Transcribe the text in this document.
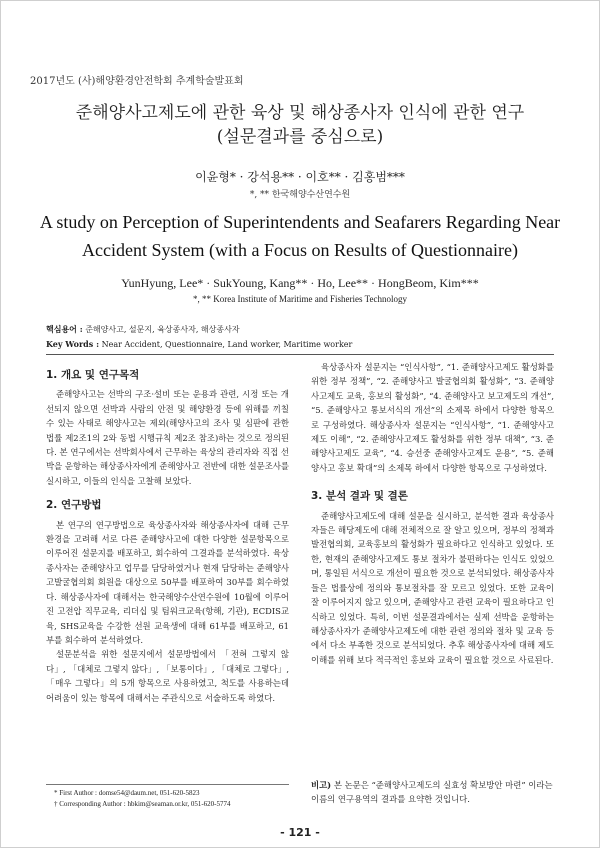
2017년도 (사)해양환경안전학회 추계학술발표회
준해양사고제도에 관한 육상 및 해상종사자 인식에 관한 연구
(설문결과를 중심으로)
이윤형* · 강석용** · 이호** · 김홍범***
*, ** 한국해양수산연수원
A study on Perception of Superintendents and Seafarers Regarding Near
Accident System (with a Focus on Results of Questionnaire)
YunHyung, Lee* · SukYoung, Kang** · Ho, Lee** · HongBeom, Kim***
*, ** Korea Institute of Maritime and Fisheries Technology
핵심용어 : 준해양사고, 설문지, 육상종사자, 해상종사자
Key Words : Near Accident, Questionnaire, Land worker, Maritime worker
1. 개요 및 연구목적

준해양사고는 선박의 구조·설비 또는 운용과 관련, 시정 또는 개선되지 않으면 선박과 사람의 안전 및 해양환경 등에 위해를 끼칠 수 있는 사태로 해양사고는 제외(해양사고의 조사 및 심판에 관한 법률 제2조1의 2와 동법 시행규칙 제2조 참조)하는 것으로 정의된다. 본 연구에서는 선박회사에서 근무하는 육상의 관리자와 직접 선박을 운항하는 해상종사자에게 준해양사고 전반에 대한 설문조사를 실시하고, 이들의 인식을 고찰해 보았다.

2. 연구방법

본 연구의 연구방법으로 육상종사자와 해상종사자에 대해 근무환경을 고려해 서로 다른 준해양사고에 대한 다양한 설문항목으로 이루어진 설문지를 배포하고, 회수하여 그결과를 분석하였다. 육상종사자는 준해양사고 업무를 담당하였거나 현재 담당하는 준해양사고발굴협의회 회원을 대상으로 50부를 배포하여 30부를 회수하였다. 해상종사자에 대해서는 한국해양수산연수원에 10월에 이루어진 고전압 직무교육, 리더십 및 팀워크교육(항해, 기관), ECDIS교육, SHS교육을 수강한 선원 교육생에 대해 61부를 배포하고, 61부를 회수하여 분석하였다.

설문분석을 위한 설문지에서 설문방법에서 「전혀 그렇지 않다」, 「대체로 그렇지 않다」, 「보통이다」, 「대체로 그렇다」, 「매우 그렇다」의 5개 항목으로 사용하였고, 척도를 사용하는데 어려움이 있는 항목에 대해서는 주관식으로 서술하도록 하였다.

육상종사자 설문지는 “인식사항”, “1. 준해양사고제도 활성화를 위한 정부 정책”, “2. 준해양사고 발굴협의회 활성화”, “3. 준해양사고제도 교육, 홍보의 활성화”, “4. 준해양사고 보고제도의 개선”, “5. 준해양사고 통보서식의 개선”의 소제목 하에서 다양한 항목으로 구성하였다. 해상종사자 설문지는 “인식사항”, “1. 준해양사고제도 이해”, “2. 준해양사고제도 활성화를 위한 정부 대책”, “3. 준해양사고제도 교육”, “4. 승선중 준해양사고제도 운용”, “5. 준해양사고 홍보 확대”의 소제목 하에서 다양한 항목으로 구성하였다.

3. 분석 결과 및 결론

준해양사고제도에 대해 설문을 실시하고, 분석한 결과 육상종사자들은 해당제도에 대해 전체적으로 잘 알고 있으며, 정부의 정책과 발전협의회, 교육홍보의 활성화가 필요하다고 인식하고 있었다. 또한, 현재의 준해양사고제도 통보 절차가 불편하다는 인식도 있었으며, 통일된 서식으로 개선이 필요한 것으로 분석되었다. 해상종사자들은 법률상에 정의와 통보절차를 잘 모르고 있었다. 또한 교육이 잘 이루어지지 않고 있으며, 준해양사고 관련 교육이 필요하다고 인식하고 있었다. 특히, 이번 설문결과에서는 실제 선박을 운항하는 해상종사자가 준해양사고제도에 대한 관련 정의와 절차 및 교육 등에서 다소 부족한 것으로 분석되었다. 추후 해상종사자에 대해 제도이해를 위해 보다 적극적인 홍보와 교육이 필요할 것으로 사료된다.

비고) 본 논문은 “준해양사고제도의 실효성 확보방안 마련” 이라는 이름의 연구용역의 결과를 요약한 것입니다.
* First Author : domse54@daum.net, 051-620-5823
† Corresponding Author : hbkim@seaman.or.kr, 051-620-5774
- 121 -
